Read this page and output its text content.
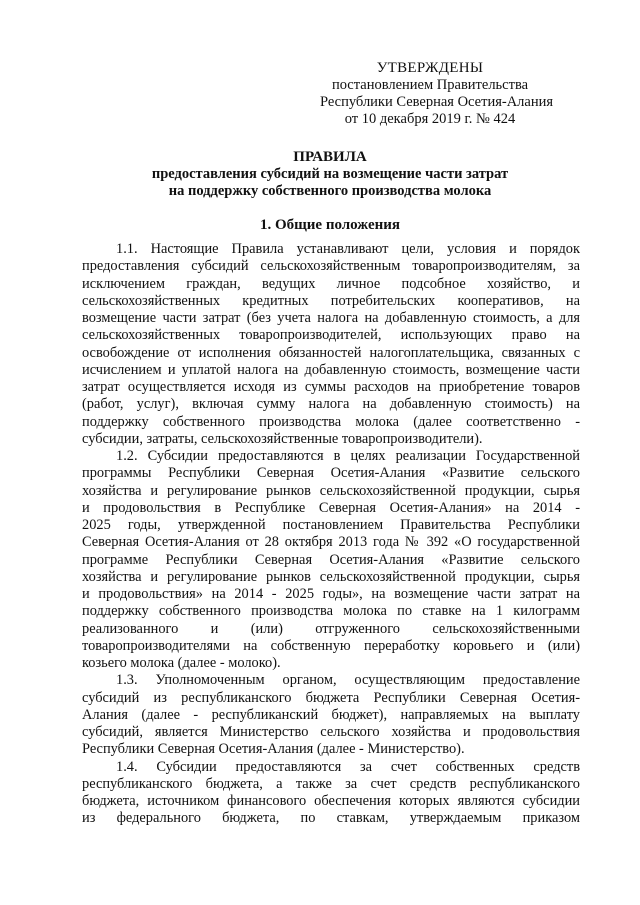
УТВЕРЖДЕНЫ
постановлением Правительства
Республики Северная Осетия-Алания
от 10 декабря 2019 г. № 424
ПРАВИЛА
предоставления субсидий на возмещение части затрат
на поддержку собственного производства молока
1. Общие положения

1.1. Настоящие Правила устанавливают цели, условия и порядок
предоставления субсидий сельскохозяйственным товаропроизводителям, за
исключением граждан, ведущих личное подсобное хозяйство, и
сельскохозяйственных кредитных потребительских кооперативов, на
возмещение части затрат (без учета налога на добавленную стоимость, а для
сельскохозяйственных товаропроизводителей, использующих право на
освобождение от исполнения обязанностей налогоплательщика, связанных с
исчислением и уплатой налога на добавленную стоимость, возмещение части
затрат осуществляется исходя из суммы расходов на приобретение товаров
(работ, услуг), включая сумму налога на добавленную стоимость) на
поддержку собственного производства молока (далее соответственно -
субсидии, затраты, сельскохозяйственные товаропроизводители).

1.2. Субсидии предоставляются в целях реализации Государственной
программы Республики Северная Осетия-Алания «Развитие сельского
хозяйства и регулирование рынков сельскохозяйственной продукции, сырья
и продовольствия в Республике Северная Осетия-Алания» на 2014 -
2025 годы, утвержденной постановлением Правительства Республики
Северная Осетия-Алания от 28 октября 2013 года № 392 «О государственной
программе Республики Северная Осетия-Алания «Развитие сельского
хозяйства и регулирование рынков сельскохозяйственной продукции, сырья
и продовольствия» на 2014 - 2025 годы», на возмещение части затрат на
поддержку собственного производства молока по ставке на 1 килограмм
реализованного и (или) отгруженного сельскохозяйственными
товаропроизводителями на собственную переработку коровьего и (или)
козьего молока (далее - молоко).

1.3. Уполномоченным органом, осуществляющим предоставление
субсидий из республиканского бюджета Республики Северная Осетия-
Алания (далее - республиканский бюджет), направляемых на выплату
субсидий, является Министерство сельского хозяйства и продовольствия
Республики Северная Осетия-Алания (далее - Министерство).

1.4. Субсидии предоставляются за счет собственных средств
республиканского бюджета, а также за счет средств республиканского
бюджета, источником финансового обеспечения которых являются субсидии
из федерального бюджета, по ставкам, утверждаемым приказом
